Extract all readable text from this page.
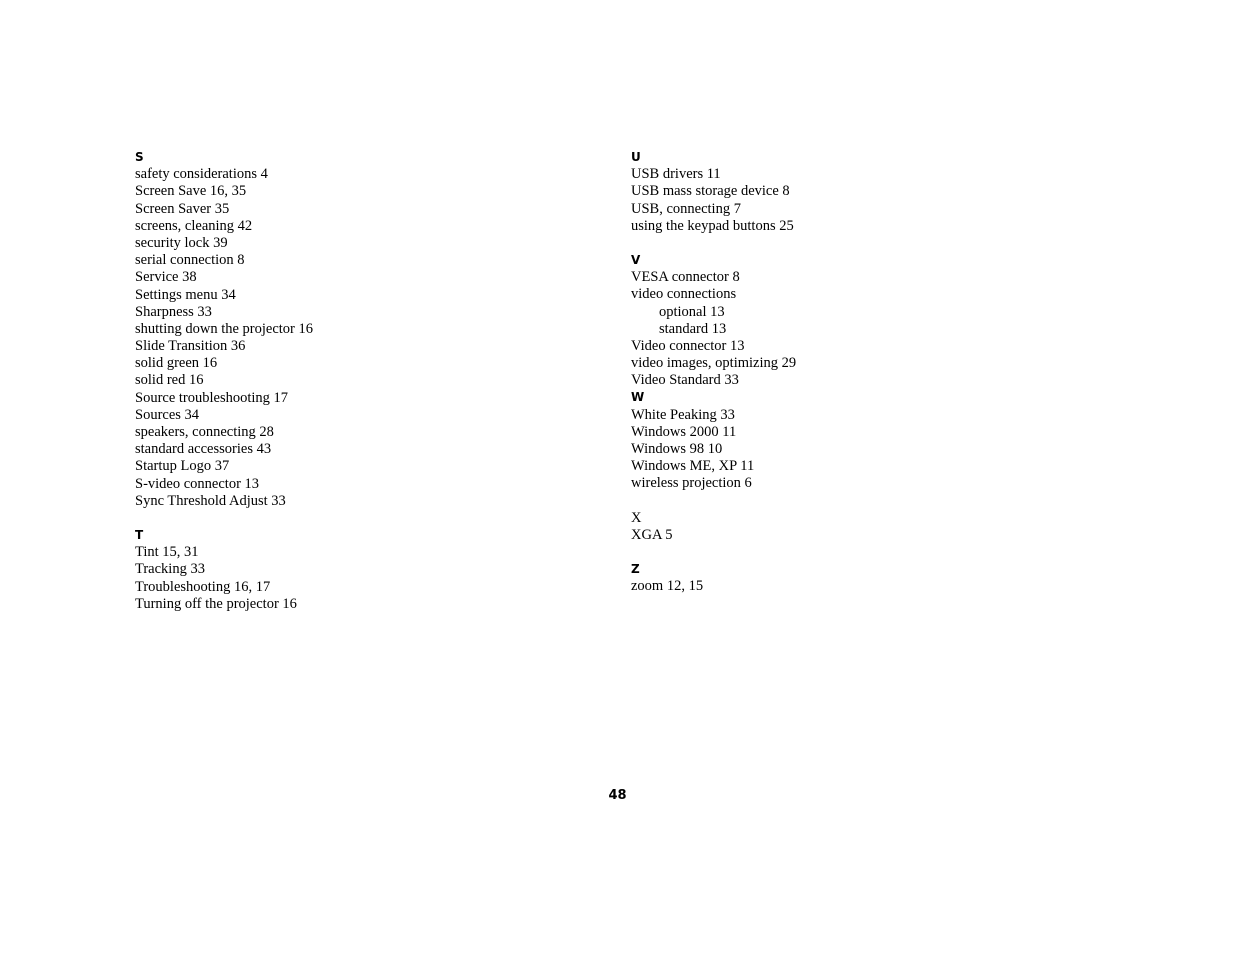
S
safety considerations 4
Screen Save 16, 35
Screen Saver 35
screens, cleaning 42
security lock 39
serial connection 8
Service 38
Settings menu 34
Sharpness 33
shutting down the projector 16
Slide Transition 36
solid green 16
solid red 16
Source troubleshooting 17
Sources 34
speakers, connecting 28
standard accessories 43
Startup Logo 37
S-video connector 13
Sync Threshold Adjust 33
T
Tint 15, 31
Tracking 33
Troubleshooting 16, 17
Turning off the projector 16
U
USB drivers 11
USB mass storage device 8
USB, connecting 7
using the keypad buttons 25
V
VESA connector 8
video connections
optional 13
standard 13
Video connector 13
video images, optimizing 29
Video Standard 33
W
White Peaking 33
Windows 2000 11
Windows 98 10
Windows ME, XP 11
wireless projection 6
X
XGA 5
Z
zoom 12, 15
48
